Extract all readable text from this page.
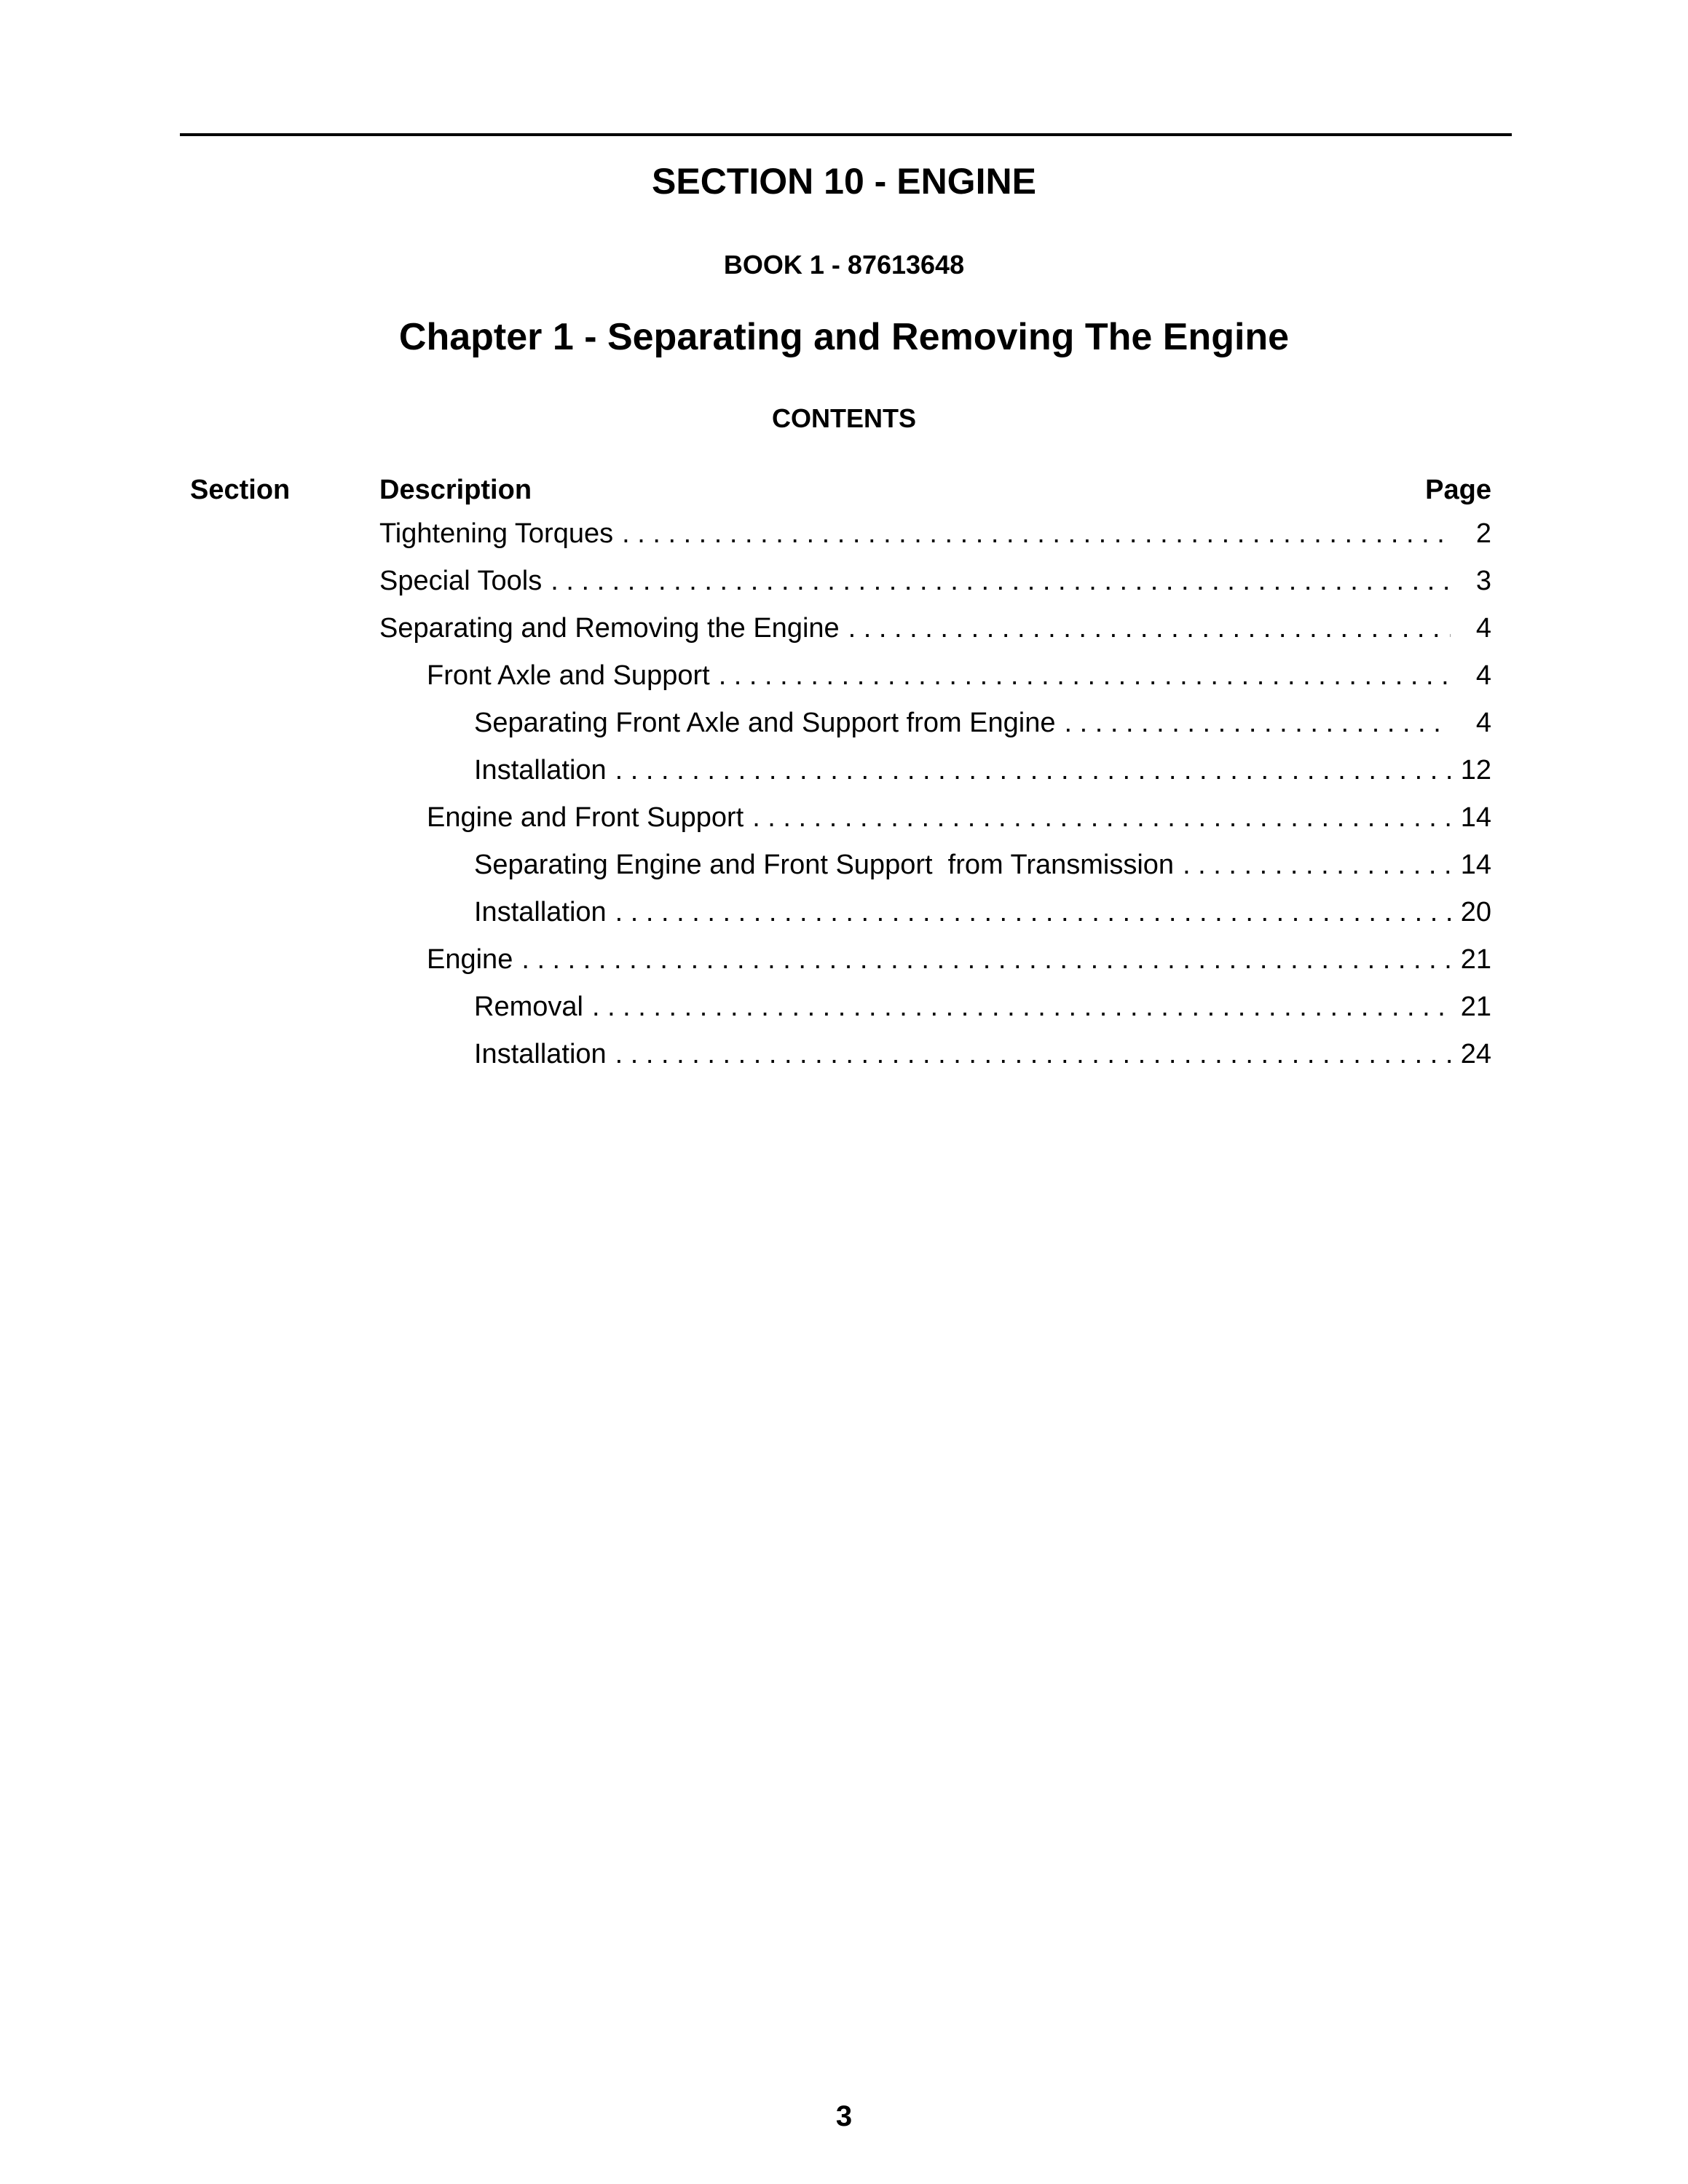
SECTION 10 - ENGINE
BOOK 1 - 87613648
Chapter 1 - Separating and Removing The Engine
CONTENTS
Section	Description	Page
Tightening Torques . . .	2
Special Tools . . .	3
Separating and Removing the Engine . . .	4
Front Axle and Support . . .	4
Separating Front Axle and Support from Engine . . .	4
Installation . . .	12
Engine and Front Support . . .	14
Separating Engine and Front Support  from Transmission . . .	14
Installation . . .	20
Engine . . .	21
Removal . . .	21
Installation . . .	24
3
